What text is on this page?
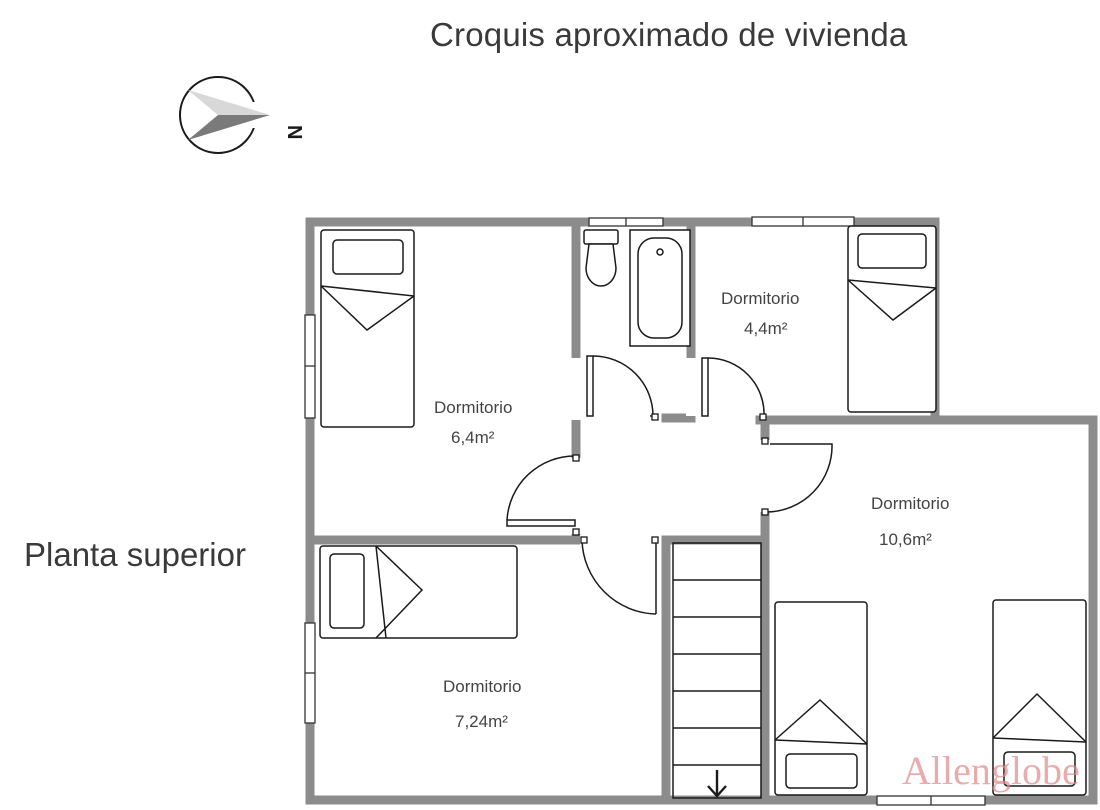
Croquis aproximado de vivienda
Planta superior
N
Dormitorio
6,4m²
Dormitorio
4,4m²
Dormitorio
10,6m²
Dormitorio
7,24m²
Allenglobe
